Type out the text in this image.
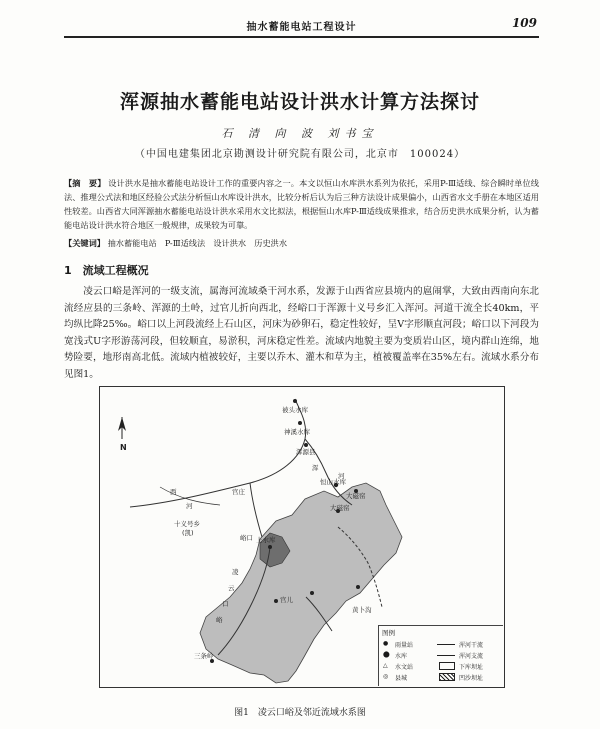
抽水蓄能电站工程设计	109
浑源抽水蓄能电站设计洪水计算方法探讨
石 清 向 波 刘书宝
（中国电建集团北京勘测设计研究院有限公司，北京市　100024）
【摘　要】 设计洪水是抽水蓄能电站设计工作的重要内容之一。本文以恒山水库洪水系列为依托，采用P-Ⅲ适线、综合瞬时单位线法、推理公式法和地区经验公式法分析恒山水库设计洪水，比较分析后认为后三种方法设计成果偏小，山西省水文手册在本地区适用性较差。山西省大同浑源抽水蓄能电站设计洪水采用水文比拟法，根据恒山水库P-Ⅲ适线成果推求，结合历史洪水成果分析，认为蓄能电站设计洪水符合地区一般规律，成果较为可靠。
【关键词】 抽水蓄能电站　P-Ⅲ适线法　设计洪水　历史洪水
1　流域工程概况
凌云口峪是浑河的一级支流，属海河流域桑干河水系，发源于山西省应县境内的扈闹掌，大致由西南向东北流经应县的三条岭、浑源的土岭，过官儿折向西北，经峪口于浑源十义号乡汇入浑河。河道干流全长40km，平均纵比降25‰。峪口以上河段流经上石山区，河床为砂卵石，稳定性较好，呈V字形顺直河段；峪口以下河段为宽浅式U字形游荡河段，但较顺直，易淤积，河床稳定性差。流域内地貌主要为变质岩山区，境内群山连绵，地势险要，地形南高北低。流域内植被较好，主要以乔木、灌木和草为主，植被覆盖率在35%左右。流域水系分布见图1。
被头水库
神溪水库
浑源县
浑
河
恒山水库
大磁窑
大磁窑
官庄
西
河
十义号乡
(凯)
峪口 上水库
凌
云
口
峪
官儿
黄卜沟
三条岭
N
图例
● 雨量站
⬤ 水库
△ 水文站
◎ 县城
浑河干流
浑河支流
下库坝址
凹沙坝址
图1　凌云口峪及邻近流域水系图
